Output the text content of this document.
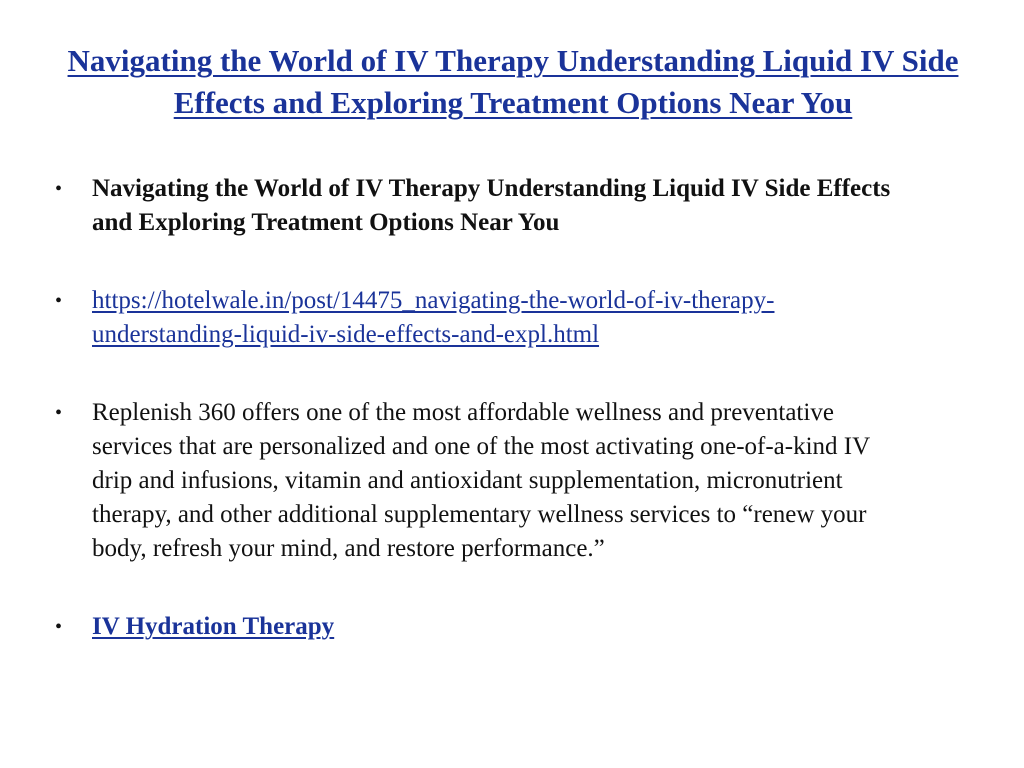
Navigating the World of IV Therapy Understanding Liquid IV Side Effects and Exploring Treatment Options Near You
• Navigating the World of IV Therapy Understanding Liquid IV Side Effects and Exploring Treatment Options Near You
• https://hotelwale.in/post/14475_navigating-the-world-of-iv-therapy-understanding-liquid-iv-side-effects-and-expl.html
• Replenish 360 offers one of the most affordable wellness and preventative services that are personalized and one of the most activating one-of-a-kind IV drip and infusions, vitamin and antioxidant supplementation, micronutrient therapy, and other additional supplementary wellness services to “renew your body, refresh your mind, and restore performance.”
• IV Hydration Therapy
